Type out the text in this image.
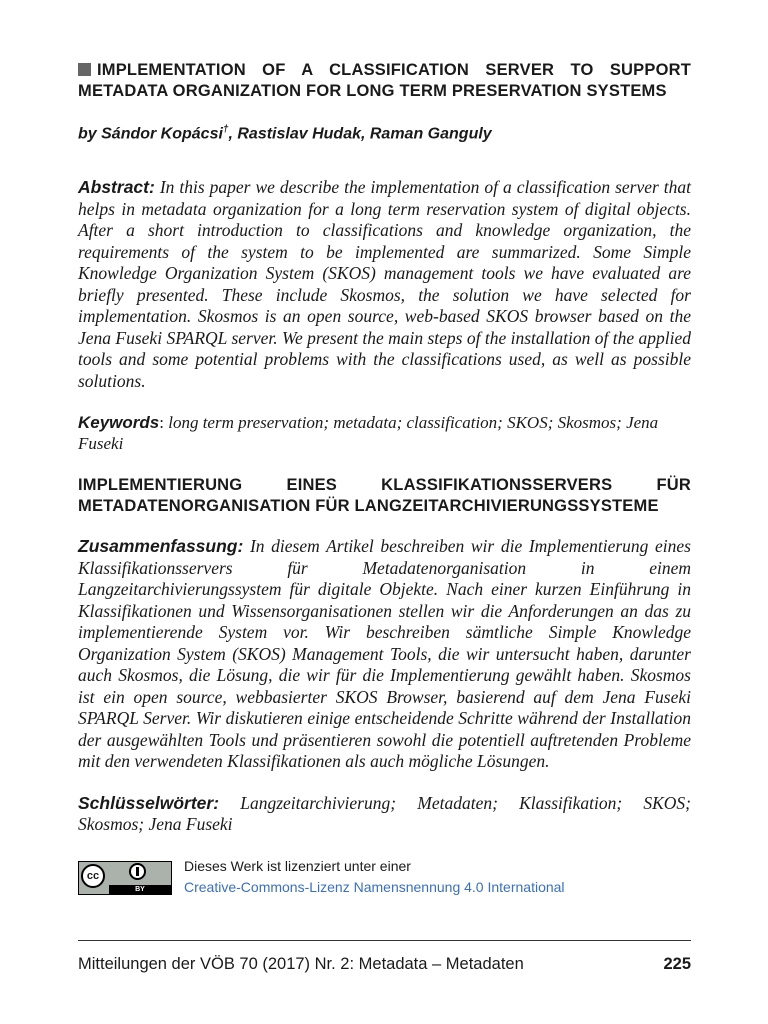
IMPLEMENTATION OF A CLASSIFICATION SERVER TO SUPPORT METADATA ORGANIZATION FOR LONG TERM PRESERVATION SYSTEMS

by Sándor Kopácsi†, Rastislav Hudak, Raman Ganguly

Abstract: In this paper we describe the implementation of a classification server that helps in metadata organization for a long term reservation system of digital objects. After a short introduction to classifications and knowledge organization, the requirements of the system to be implemented are summarized. Some Simple Knowledge Organization System (SKOS) management tools we have evaluated are briefly presented. These include Skosmos, the solution we have selected for implementation. Skosmos is an open source, web-based SKOS browser based on the Jena Fuseki SPARQL server. We present the main steps of the installation of the applied tools and some potential problems with the classifications used, as well as possible solutions.

Keywords: long term preservation; metadata; classification; SKOS; Skosmos; Jena Fuseki

IMPLEMENTIERUNG EINES KLASSIFIKATIONSSERVERS FÜR METADATENORGANISATION FÜR LANGZEITARCHIVIERUNGSSYSTEME

Zusammenfassung: In diesem Artikel beschreiben wir die Implementierung eines Klassifikationsservers für Metadatenorganisation in einem Langzeitarchivierungssystem für digitale Objekte. Nach einer kurzen Einführung in Klassifikationen und Wissensorganisationen stellen wir die Anforderungen an das zu implementierende System vor. Wir beschreiben sämtliche Simple Knowledge Organization System (SKOS) Management Tools, die wir untersucht haben, darunter auch Skosmos, die Lösung, die wir für die Implementierung gewählt haben. Skosmos ist ein open source, webbasierter SKOS Browser, basierend auf dem Jena Fuseki SPARQL Server. Wir diskutieren einige entscheidende Schritte während der Installation der ausgewählten Tools und präsentieren sowohl die potentiell auftretenden Probleme mit den verwendeten Klassifikationen als auch mögliche Lösungen.

Schlüsselwörter: Langzeitarchivierung; Metadaten; Klassifikation; SKOS; Skosmos; Jena Fuseki

cc
BY
Dieses Werk ist lizenziert unter einer
Creative-Commons-Lizenz Namensnennung 4.0 International
Mitteilungen der VÖB 70 (2017) Nr. 2: Metadata – Metadaten	225
